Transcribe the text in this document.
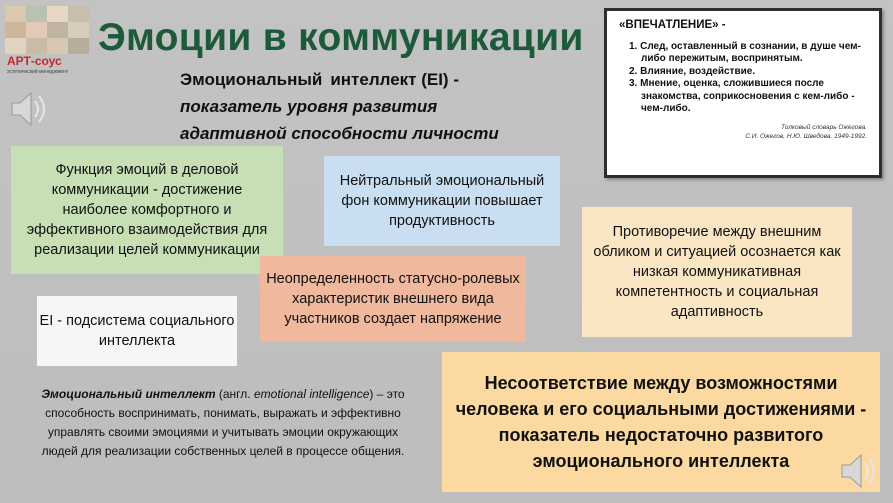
АРТ-соус
эстетический менеджмент
Эмоции в коммуникации
Эмоциональный интеллект (EI) -
показатель уровня развития
адаптивной способности личности
«ВПЕЧАТЛЕНИЕ» -
1. След, оставленный в сознании, в душе чем-либо пережитым, воспринятым.
2. Влияние, воздействие.
3. Мнение, оценка, сложившиеся после знакомства, соприкосновения с кем-либо - чем-либо.
Толковый словарь Ожегова.
С.И. Ожегов, Н.Ю. Шведова. 1949-1992.
Функция эмоций в деловой коммуникации - достижение наиболее комфортного и эффективного взаимодействия для реализации целей коммуникации
Нейтральный эмоциональный фон коммуникации повышает продуктивность
Противоречие между внешним обликом и ситуацией осознается как низкая коммуникативная компетентность и социальная адаптивность
Неопределенность статусно-ролевых характеристик внешнего вида участников создает напряжение
EI - подсистема социального интеллекта
Несоответствие между возможностями человека и его социальными достижениями - показатель недостаточно развитого эмоционального интеллекта
Эмоциональный интеллект (англ. emotional intelligence) – это способность воспринимать, понимать, выражать и эффективно управлять своими эмоциями и учитывать эмоции окружающих людей для реализации собственных целей в процессе общения.
